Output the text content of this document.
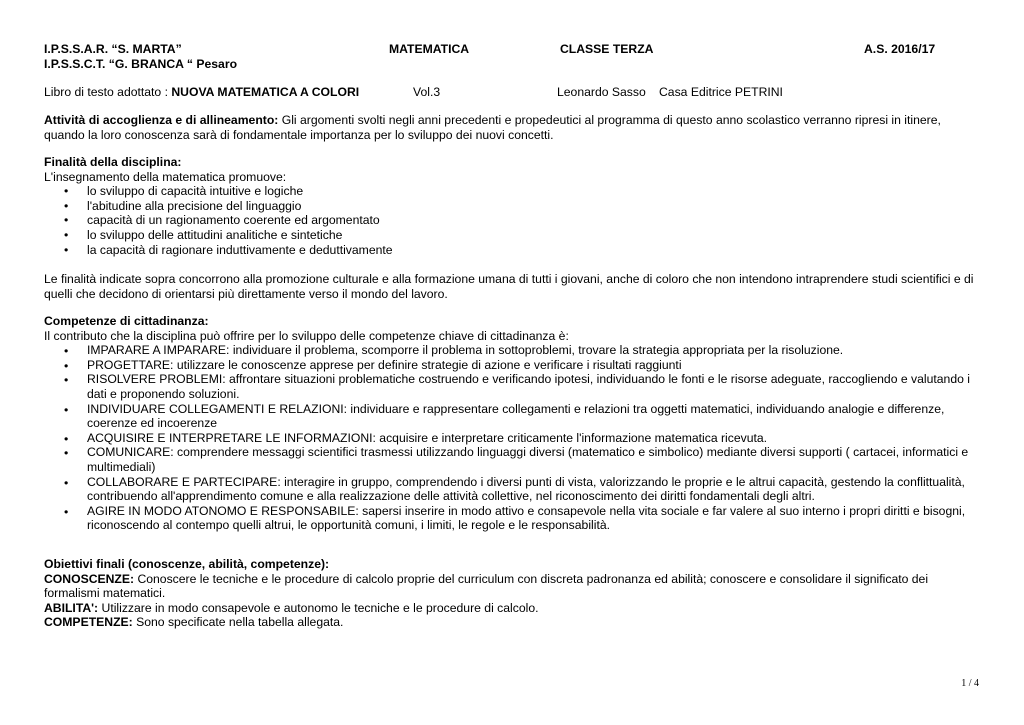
I.P.S.S.A.R. “S. MARTA”
I.P.S.S.C.T. “G. BRANCA “ Pesaro
MATEMATICA	CLASSE TERZA	A.S. 2016/17
Libro di testo adottato : NUOVA MATEMATICA A COLORI	Vol.3	Leonardo Sasso Casa Editrice PETRINI

Attività di accoglienza e di allineamento: Gli argomenti svolti negli anni precedenti e propedeutici al programma di questo anno scolastico verranno ripresi in itinere, quando la loro conoscenza sarà di fondamentale importanza per lo sviluppo dei nuovi concetti.

Finalità della disciplina:

L'insegnamento della matematica promuove:

• lo sviluppo di capacità intuitive e logiche
• l'abitudine alla precisione del linguaggio
• capacità di un ragionamento coerente ed argomentato
• lo sviluppo delle attitudini analitiche e sintetiche
• la capacità di ragionare induttivamente e deduttivamente

Le finalità indicate sopra concorrono alla promozione culturale e alla formazione umana di tutti i giovani, anche di coloro che non intendono intraprendere studi scientifici e di quelli che decidono di orientarsi più direttamente verso il mondo del lavoro.

Competenze di cittadinanza:

Il contributo che la disciplina può offrire per lo sviluppo delle competenze chiave di cittadinanza è:

• IMPARARE A IMPARARE: individuare il problema, scomporre il problema in sottoproblemi, trovare la strategia appropriata per la risoluzione.
• PROGETTARE: utilizzare le conoscenze apprese per definire strategie di azione e verificare i risultati raggiunti
• RISOLVERE PROBLEMI: affrontare situazioni problematiche costruendo e verificando ipotesi, individuando le fonti e le risorse adeguate, raccogliendo e valutando i dati e proponendo soluzioni.
• INDIVIDUARE COLLEGAMENTI E RELAZIONI: individuare e rappresentare collegamenti e relazioni tra oggetti matematici, individuando analogie e differenze, coerenze ed incoerenze
• ACQUISIRE E INTERPRETARE LE INFORMAZIONI: acquisire e interpretare criticamente l'informazione matematica ricevuta.
• COMUNICARE: comprendere messaggi scientifici trasmessi utilizzando linguaggi diversi (matematico e simbolico) mediante diversi supporti ( cartacei, informatici e multimediali)
• COLLABORARE E PARTECIPARE: interagire in gruppo, comprendendo i diversi punti di vista, valorizzando le proprie e le altrui capacità, gestendo la conflittualità, contribuendo all'apprendimento comune e alla realizzazione delle attività collettive, nel riconoscimento dei diritti fondamentali degli altri.
• AGIRE IN MODO ATONOMO E RESPONSABILE: sapersi inserire in modo attivo e consapevole nella vita sociale e far valere al suo interno i propri diritti e bisogni, riconoscendo al contempo quelli altrui, le opportunità comuni, i limiti, le regole e le responsabilità.

Obiettivi finali (conoscenze, abilità, competenze):

CONOSCENZE: Conoscere le tecniche e le procedure di calcolo proprie del curriculum con discreta padronanza ed abilità; conoscere e consolidare il significato dei formalismi matematici.

ABILITA': Utilizzare in modo consapevole e autonomo le tecniche e le procedure di calcolo.

COMPETENZE: Sono specificate nella tabella allegata.

1 / 4
